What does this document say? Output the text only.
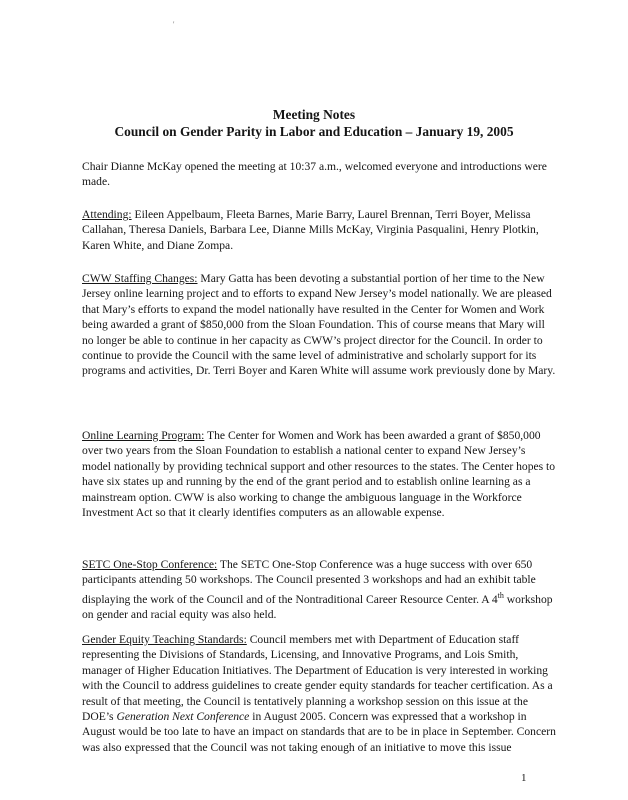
'
Meeting Notes
Council on Gender Parity in Labor and Education – January 19, 2005

Chair Dianne McKay opened the meeting at 10:37 a.m., welcomed everyone and introductions were made.

Attending: Eileen Appelbaum, Fleeta Barnes, Marie Barry, Laurel Brennan, Terri Boyer, Melissa Callahan, Theresa Daniels, Barbara Lee, Dianne Mills McKay, Virginia Pasqualini, Henry Plotkin, Karen White, and Diane Zompa.

CWW Staffing Changes: Mary Gatta has been devoting a substantial portion of her time to the New Jersey online learning project and to efforts to expand New Jersey’s model nationally. We are pleased that Mary’s efforts to expand the model nationally have resulted in the Center for Women and Work being awarded a grant of $850,000 from the Sloan Foundation. This of course means that Mary will no longer be able to continue in her capacity as CWW’s project director for the Council. In order to continue to provide the Council with the same level of administrative and scholarly support for its programs and activities, Dr. Terri Boyer and Karen White will assume work previously done by Mary.

Online Learning Program: The Center for Women and Work has been awarded a grant of $850,000 over two years from the Sloan Foundation to establish a national center to expand New Jersey’s model nationally by providing technical support and other resources to the states. The Center hopes to have six states up and running by the end of the grant period and to establish online learning as a mainstream option. CWW is also working to change the ambiguous language in the Workforce Investment Act so that it clearly identifies computers as an allowable expense.

SETC One-Stop Conference: The SETC One-Stop Conference was a huge success with over 650 participants attending 50 workshops. The Council presented 3 workshops and had an exhibit table displaying the work of the Council and of the Nontraditional Career Resource Center. A 4th workshop on gender and racial equity was also held.

Gender Equity Teaching Standards: Council members met with Department of Education staff representing the Divisions of Standards, Licensing, and Innovative Programs, and Lois Smith, manager of Higher Education Initiatives. The Department of Education is very interested in working with the Council to address guidelines to create gender equity standards for teacher certification. As a result of that meeting, the Council is tentatively planning a workshop session on this issue at the DOE’s Generation Next Conference in August 2005. Concern was expressed that a workshop in August would be too late to have an impact on standards that are to be in place in September. Concern was also expressed that the Council was not taking enough of an initiative to move this issue

1
